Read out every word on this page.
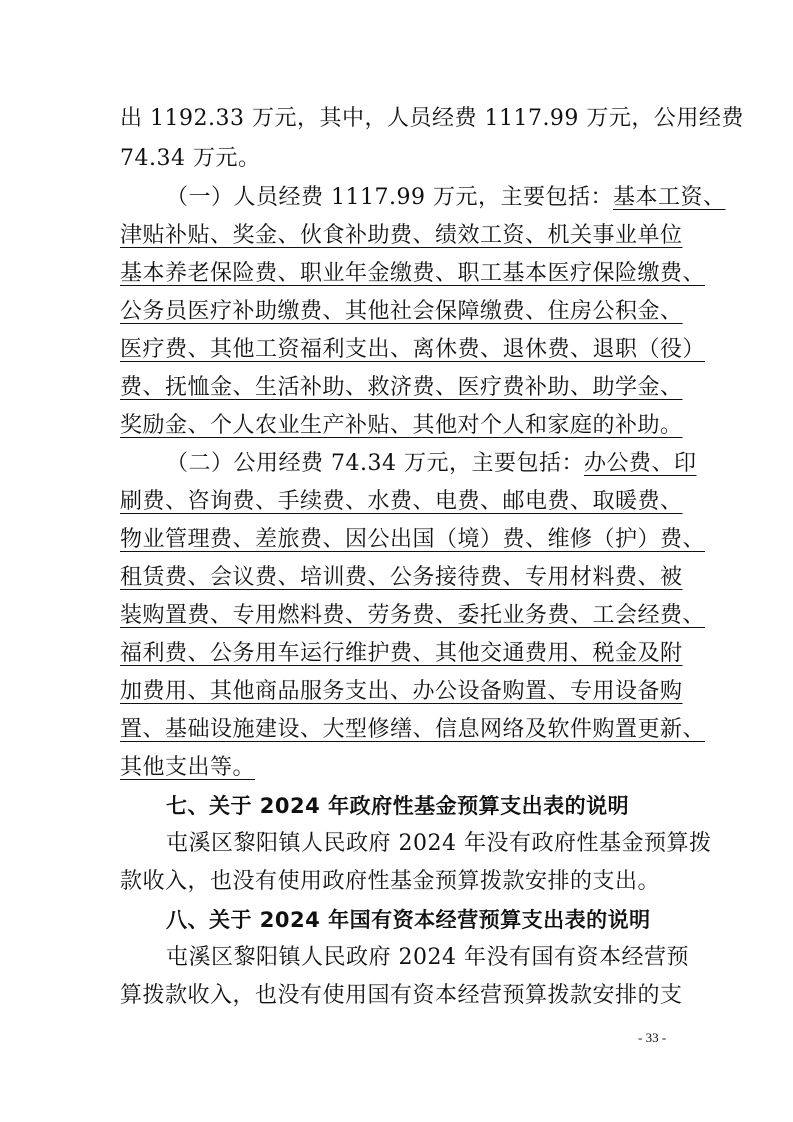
出 1192.33 万元，其中，人员经费 1117.99 万元，公用经费
74.34 万元。
（一）人员经费 1117.99 万元，主要包括：基本工资、
津贴补贴、奖金、伙食补助费、绩效工资、机关事业单位
基本养老保险费、职业年金缴费、职工基本医疗保险缴费、
公务员医疗补助缴费、其他社会保障缴费、住房公积金、
医疗费、其他工资福利支出、离休费、退休费、退职（役）
费、抚恤金、生活补助、救济费、医疗费补助、助学金、
奖励金、个人农业生产补贴、其他对个人和家庭的补助。
（二）公用经费 74.34 万元，主要包括：办公费、印
刷费、咨询费、手续费、水费、电费、邮电费、取暖费、
物业管理费、差旅费、因公出国（境）费、维修（护）费、
租赁费、会议费、培训费、公务接待费、专用材料费、被
装购置费、专用燃料费、劳务费、委托业务费、工会经费、
福利费、公务用车运行维护费、其他交通费用、税金及附
加费用、其他商品服务支出、办公设备购置、专用设备购
置、基础设施建设、大型修缮、信息网络及软件购置更新、
其他支出等。
七、关于 2024 年政府性基金预算支出表的说明
屯溪区黎阳镇人民政府 2024 年没有政府性基金预算拨
款收入，也没有使用政府性基金预算拨款安排的支出。
八、关于 2024 年国有资本经营预算支出表的说明
屯溪区黎阳镇人民政府 2024 年没有国有资本经营预
算拨款收入，也没有使用国有资本经营预算拨款安排的支
- 33 -
